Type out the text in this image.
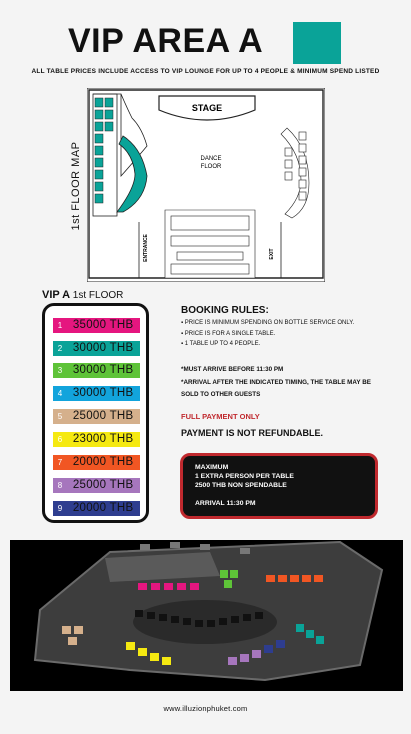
VIP AREA A
ALL TABLE PRICES INCLUDE ACCESS TO VIP LOUNGE FOR UP TO 4 PEOPLE & MINIMUM SPEND LISTED
1st FLOOR MAP
STAGE
DANCE
FLOOR
ENTRANCE	EXIT
VIP A 1st FLOOR
1 35000 THB
2 30000 THB
3 30000 THB
4 30000 THB
5 25000 THB
6 23000 THB
7 20000 THB
8 25000 THB
9 20000 THB
BOOKING RULES:
▪ PRICE IS MINIMUM SPENDING ON BOTTLE SERVICE ONLY.
▪ PRICE IS FOR A SINGLE TABLE.
▪ 1 TABLE UP TO 4 PEOPLE.
*MUST ARRIVE BEFORE 11:30 PM
*ARRIVAL AFTER THE INDICATED TIMING, THE TABLE MAY BE SOLD TO OTHER GUESTS
FULL PAYMENT ONLY
PAYMENT IS NOT REFUNDABLE.
MAXIMUM
1 EXTRA PERSON PER TABLE
2500 THB NON SPENDABLE
ARRIVAL 11:30 PM
www.illuzionphuket.com
